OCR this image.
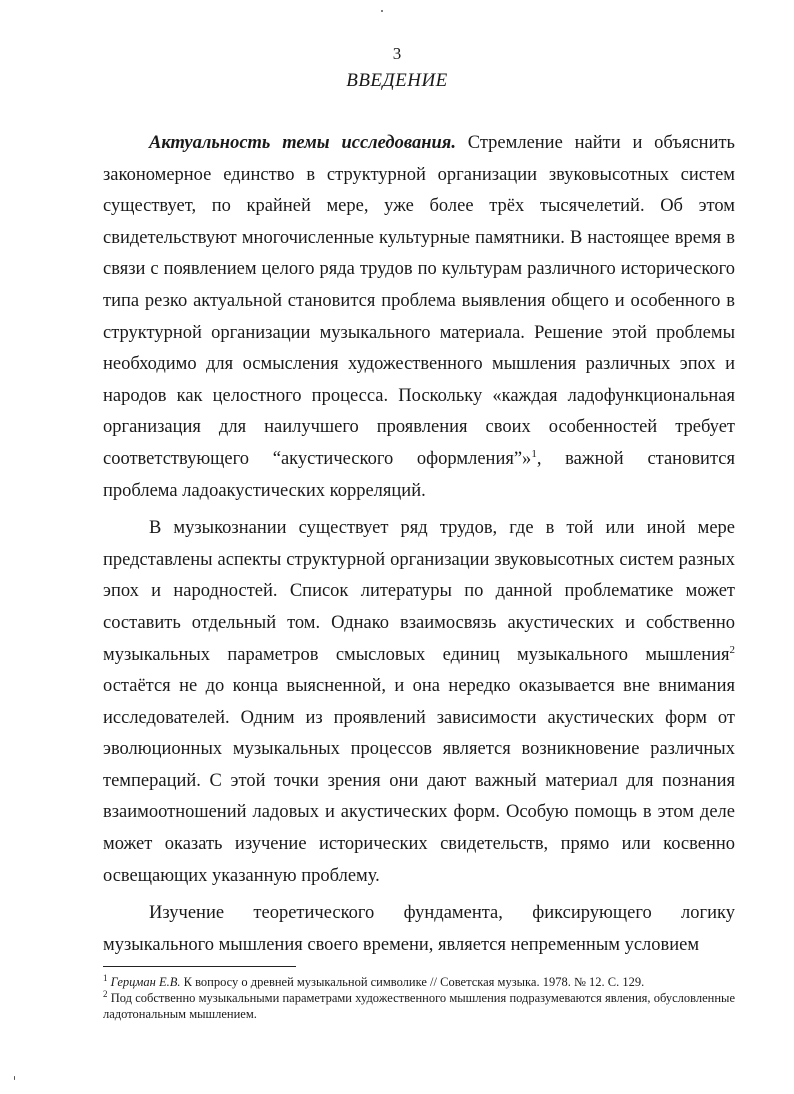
3
ВВЕДЕНИЕ

Актуальность темы исследования. Стремление найти и объяснить закономерное единство в структурной организации звуковысотных систем существует, по крайней мере, уже более трёх тысячелетий. Об этом свидетельствуют многочисленные культурные памятники. В настоящее время в связи с появлением целого ряда трудов по культурам различного исторического типа резко актуальной становится проблема выявления общего и особенного в структурной организации музыкального материала. Решение этой проблемы необходимо для осмысления художественного мышления различных эпох и народов как целостного процесса. Поскольку «каждая ладофункциональная организация для наилучшего проявления своих особенностей требует соответствующего “акустического оформления”»$^1$, важной становится проблема ладоакустических корреляций.

В музыкознании существует ряд трудов, где в той или иной мере представлены аспекты структурной организации звуковысотных систем разных эпох и народностей. Список литературы по данной проблематике может составить отдельный том. Однако взаимосвязь акустических и собственно музыкальных параметров смысловых единиц музыкального мышления$^2$ остаётся не до конца выясненной, и она нередко оказывается вне внимания исследователей. Одним из проявлений зависимости акустических форм от эволюционных музыкальных процессов является возникновение различных темпераций. С этой точки зрения они дают важный материал для познания взаимоотношений ладовых и акустических форм. Особую помощь в этом деле может оказать изучение исторических свидетельств, прямо или косвенно освещающих указанную проблему.

Изучение теоретического фундамента, фиксирующего логику музыкального мышления своего времени, является непременным условием

$^1$ Герцман Е.В. К вопросу о древней музыкальной символике // Советская музыка. 1978. № 12. С. 129.
$^2$ Под собственно музыкальными параметрами художественного мышления подразумеваются явления, обусловленные ладотональным мышлением.
